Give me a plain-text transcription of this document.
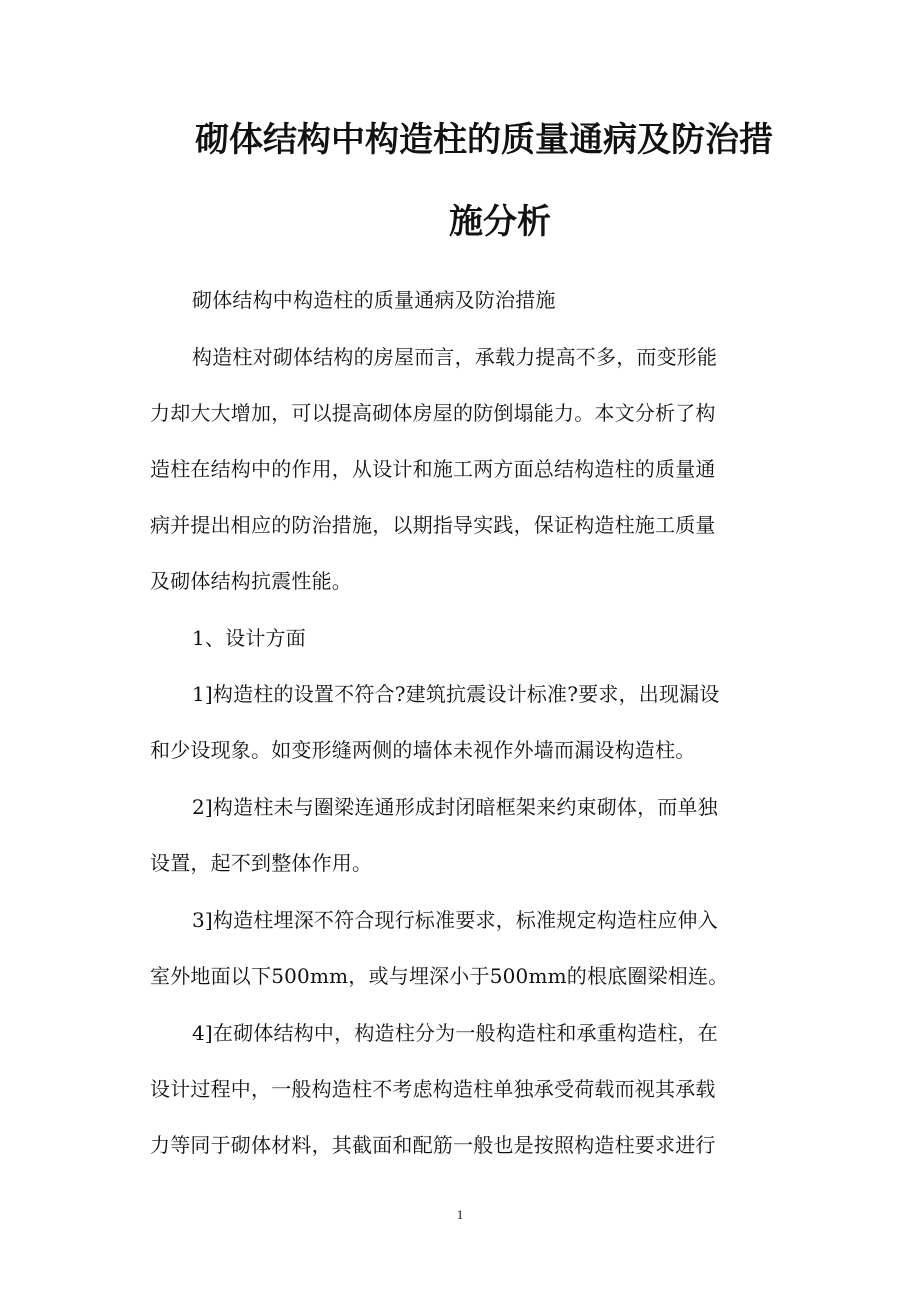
砌体结构中构造柱的质量通病及防治措
施分析

砌体结构中构造柱的质量通病及防治措施

构造柱对砌体结构的房屋而言，承载力提高不多，而变形能

力却大大增加，可以提高砌体房屋的防倒塌能力。本文分析了构

造柱在结构中的作用，从设计和施工两方面总结构造柱的质量通

病并提出相应的防治措施，以期指导实践，保证构造柱施工质量

及砌体结构抗震性能。

1、设计方面

1]构造柱的设置不符合?建筑抗震设计标准?要求，出现漏设

和少设现象。如变形缝两侧的墙体未视作外墙而漏设构造柱。

2]构造柱未与圈梁连通形成封闭暗框架来约束砌体，而单独

设置，起不到整体作用。

3]构造柱埋深不符合现行标准要求，标准规定构造柱应伸入

室外地面以下500mm，或与埋深小于500mm的根底圈梁相连。

4]在砌体结构中，构造柱分为一般构造柱和承重构造柱，在

设计过程中，一般构造柱不考虑构造柱单独承受荷载而视其承载

力等同于砌体材料，其截面和配筋一般也是按照构造柱要求进行

1
